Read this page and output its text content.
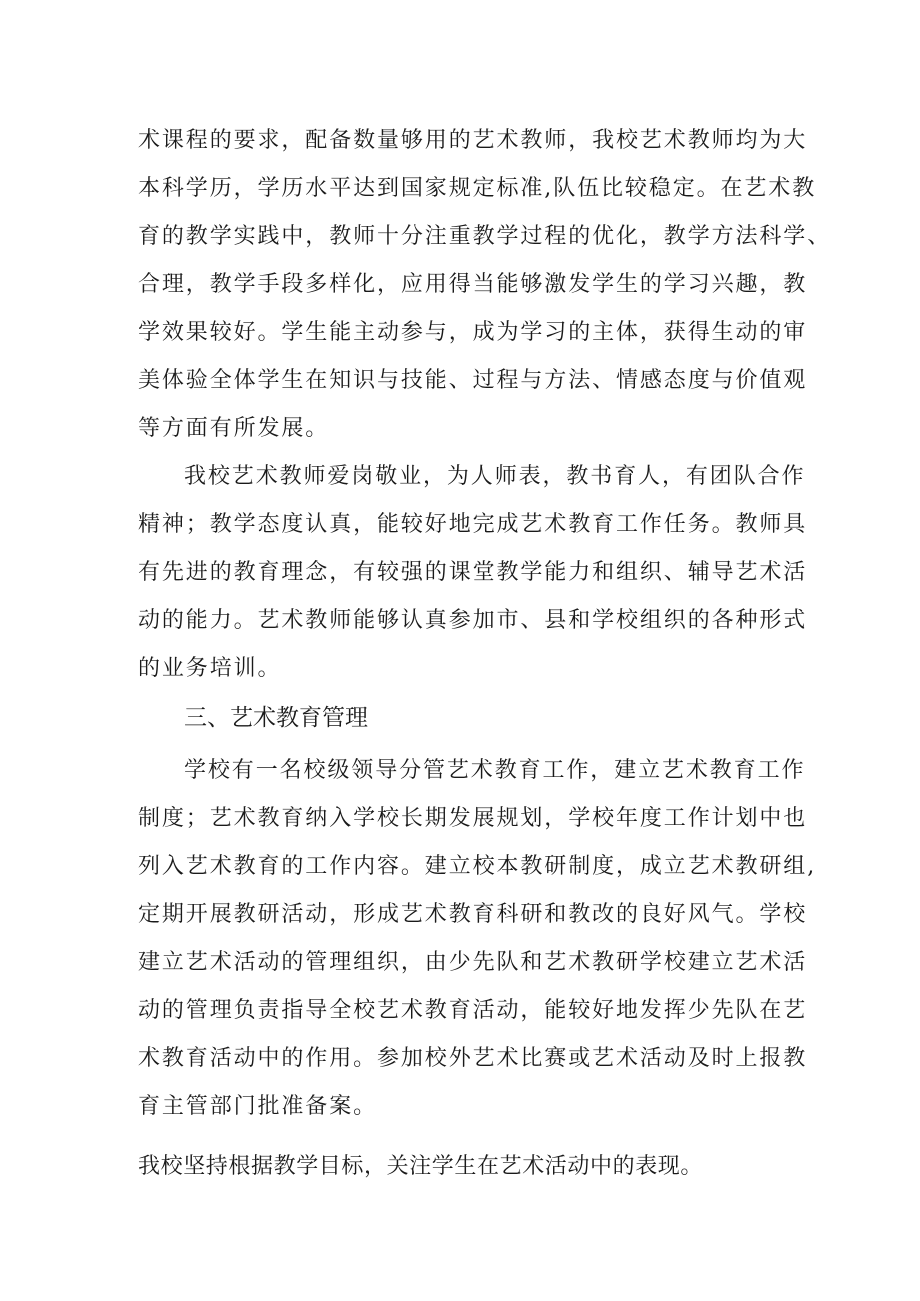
术课程的要求，配备数量够用的艺术教师，我校艺术教师均为大

本科学历，学历水平达到国家规定标准,队伍比较稳定。在艺术教

育的教学实践中，教师十分注重教学过程的优化，教学方法科学、

合理，教学手段多样化，应用得当能够激发学生的学习兴趣，教

学效果较好。学生能主动参与，成为学习的主体，获得生动的审

美体验全体学生在知识与技能、过程与方法、情感态度与价值观

等方面有所发展。

我校艺术教师爱岗敬业，为人师表，教书育人，有团队合作

精神；教学态度认真，能较好地完成艺术教育工作任务。教师具

有先进的教育理念，有较强的课堂教学能力和组织、辅导艺术活

动的能力。艺术教师能够认真参加市、县和学校组织的各种形式

的业务培训。

三、艺术教育管理

学校有一名校级领导分管艺术教育工作，建立艺术教育工作

制度；艺术教育纳入学校长期发展规划，学校年度工作计划中也

列入艺术教育的工作内容。建立校本教研制度，成立艺术教研组,

定期开展教研活动，形成艺术教育科研和教改的良好风气。学校

建立艺术活动的管理组织，由少先队和艺术教研学校建立艺术活

动的管理负责指导全校艺术教育活动，能较好地发挥少先队在艺

术教育活动中的作用。参加校外艺术比赛或艺术活动及时上报教

育主管部门批准备案。

我校坚持根据教学目标，关注学生在艺术活动中的表现。
